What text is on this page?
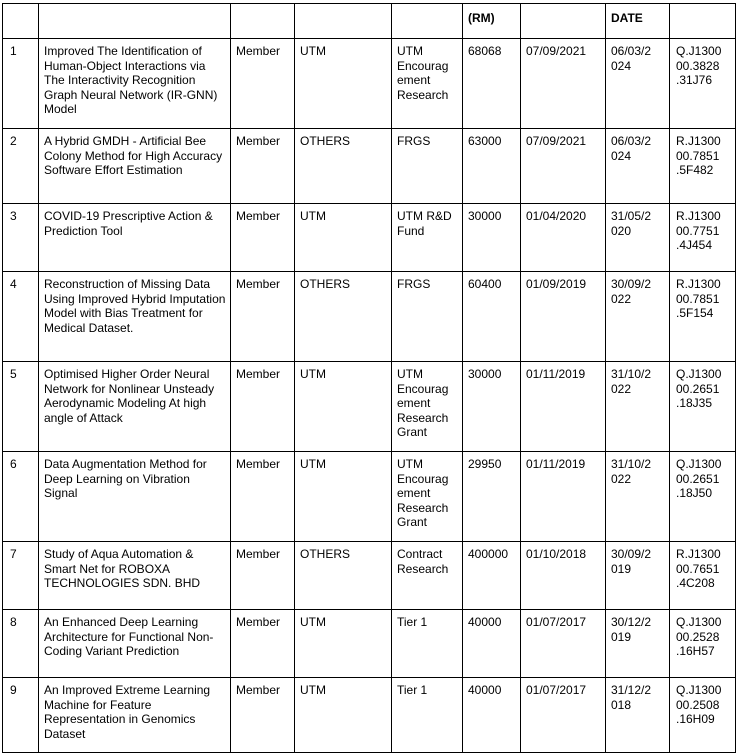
					(RM)		DATE	
1	Improved The Identification of Human-Object Interactions via The Interactivity Recognition Graph Neural Network (IR-GNN) Model	Member	UTM	UTM Encourag ement Research	68068	07/09/2021	06/03/2
024	Q.J1300
00.3828
.31J76
2	A Hybrid GMDH - Artificial Bee Colony Method for High Accuracy Software Effort Estimation	Member	OTHERS	FRGS	63000	07/09/2021	06/03/2
024	R.J1300
00.7851
.5F482
3	COVID-19 Prescriptive Action & Prediction Tool	Member	UTM	UTM R&D Fund	30000	01/04/2020	31/05/2
020	R.J1300
00.7751
.4J454
4	Reconstruction of Missing Data Using Improved Hybrid Imputation Model with Bias Treatment for Medical Dataset.	Member	OTHERS	FRGS	60400	01/09/2019	30/09/2
022	R.J1300
00.7851
.5F154
5	Optimised Higher Order Neural Network for Nonlinear Unsteady Aerodynamic Modeling At high angle of Attack	Member	UTM	UTM Encourag ement Research Grant	30000	01/11/2019	31/10/2
022	Q.J1300
00.2651
.18J35
6	Data Augmentation Method for Deep Learning on Vibration Signal	Member	UTM	UTM Encourag ement Research Grant	29950	01/11/2019	31/10/2
022	Q.J1300
00.2651
.18J50
7	Study of Aqua Automation & Smart Net for ROBOXA TECHNOLOGIES SDN. BHD	Member	OTHERS	Contract Research	400000	01/10/2018	30/09/2
019	R.J1300
00.7651
.4C208
8	An Enhanced Deep Learning Architecture for Functional Non-Coding Variant Prediction	Member	UTM	Tier 1	40000	01/07/2017	30/12/2
019	Q.J1300
00.2528
.16H57
9	An Improved Extreme Learning Machine for Feature Representation in Genomics Dataset	Member	UTM	Tier 1	40000	01/07/2017	31/12/2
018	Q.J1300
00.2508
.16H09
